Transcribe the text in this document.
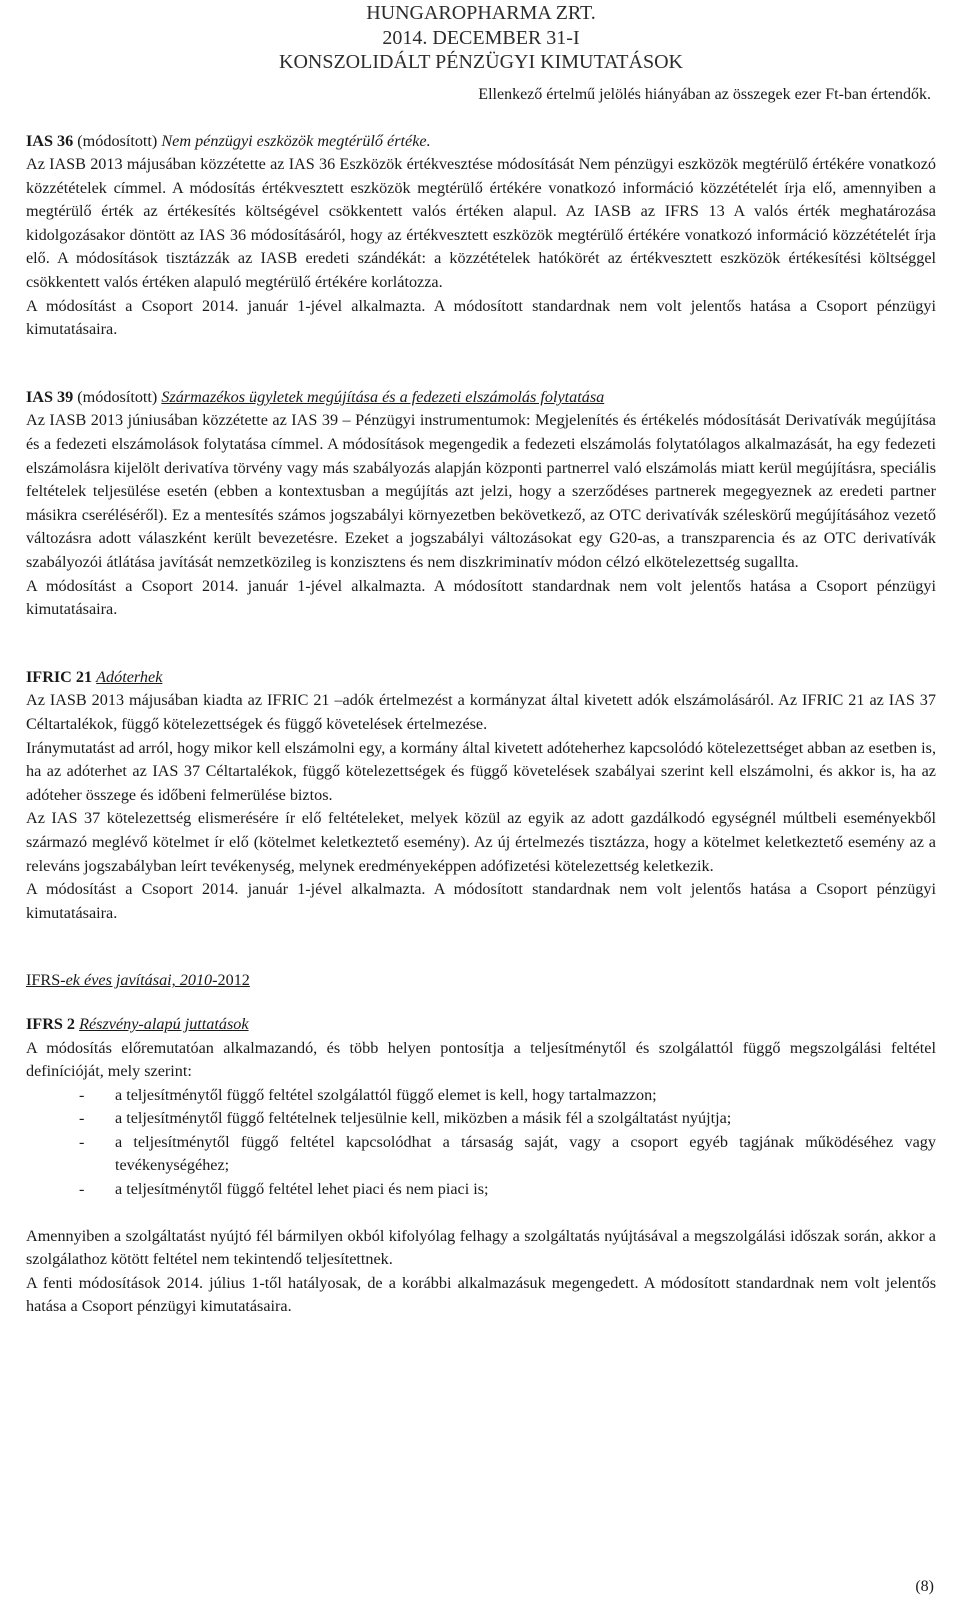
HUNGAROPHARMA ZRT.
2014. DECEMBER 31-I
KONSZOLIDÁLT PÉNZÜGYI KIMUTATÁSOK
Ellenkező értelmű jelölés hiányában az összegek ezer Ft-ban értendők.

IAS 36 (módosított) Nem pénzügyi eszközök megtérülő értéke.

Az IASB 2013 májusában közzétette az IAS 36 Eszközök értékvesztése módosítását Nem pénzügyi eszközök megtérülő értékére vonatkozó közzétételek címmel. A módosítás értékvesztett eszközök megtérülő értékére vonatkozó információ közzétételét írja elő, amennyiben a megtérülő érték az értékesítés költségével csökkentett valós értéken alapul. Az IASB az IFRS 13 A valós érték meghatározása kidolgozásakor döntött az IAS 36 módosításáról, hogy az értékvesztett eszközök megtérülő értékére vonatkozó információ közzétételét írja elő. A módosítások tisztázzák az IASB eredeti szándékát: a közzétételek hatókörét az értékvesztett eszközök értékesítési költséggel csökkentett valós értéken alapuló megtérülő értékére korlátozza.

A módosítást a Csoport 2014. január 1-jével alkalmazta. A módosított standardnak nem volt jelentős hatása a Csoport pénzügyi kimutatásaira.

IAS 39 (módosított) Származékos ügyletek megújítása és a fedezeti elszámolás folytatása

Az IASB 2013 júniusában közzétette az IAS 39 – Pénzügyi instrumentumok: Megjelenítés és értékelés módosítását Derivatívák megújítása és a fedezeti elszámolások folytatása címmel. A módosítások megengedik a fedezeti elszámolás folytatólagos alkalmazását, ha egy fedezeti elszámolásra kijelölt derivatíva törvény vagy más szabályozás alapján központi partnerrel való elszámolás miatt kerül megújításra, speciális feltételek teljesülése esetén (ebben a kontextusban a megújítás azt jelzi, hogy a szerződéses partnerek megegyeznek az eredeti partner másikra cseréléséről). Ez a mentesítés számos jogszabályi környezetben bekövetkező, az OTC derivatívák széleskörű megújításához vezető változásra adott válaszként került bevezetésre. Ezeket a jogszabályi változásokat egy G20-as, a transzparencia és az OTC derivatívák szabályozói átlátása javítását nemzetközileg is konzisztens és nem diszkriminatív módon célzó elkötelezettség sugallta.

A módosítást a Csoport 2014. január 1-jével alkalmazta. A módosított standardnak nem volt jelentős hatása a Csoport pénzügyi kimutatásaira.

IFRIC 21 Adóterhek

Az IASB 2013 májusában kiadta az IFRIC 21 –adók értelmezést a kormányzat által kivetett adók elszámolásáról. Az IFRIC 21 az IAS 37 Céltartalékok, függő kötelezettségek és függő követelések értelmezése.

Iránymutatást ad arról, hogy mikor kell elszámolni egy, a kormány által kivetett adóteherhez kapcsolódó kötelezettséget abban az esetben is, ha az adóterhet az IAS 37 Céltartalékok, függő kötelezettségek és függő követelések szabályai szerint kell elszámolni, és akkor is, ha az adóteher összege és időbeni felmerülése biztos.

Az IAS 37 kötelezettség elismerésére ír elő feltételeket, melyek közül az egyik az adott gazdálkodó egységnél múltbeli eseményekből származó meglévő kötelmet ír elő (kötelmet keletkeztető esemény). Az új értelmezés tisztázza, hogy a kötelmet keletkeztető esemény az a releváns jogszabályban leírt tevékenység, melynek eredményeképpen adófizetési kötelezettség keletkezik.

A módosítást a Csoport 2014. január 1-jével alkalmazta. A módosított standardnak nem volt jelentős hatása a Csoport pénzügyi kimutatásaira.

IFRS-ek éves javításai, 2010-2012

IFRS 2 Részvény-alapú juttatások

A módosítás előremutatóan alkalmazandó, és több helyen pontosítja a teljesítménytől és szolgálattól függő megszolgálási feltétel definícióját, mely szerint:

- a teljesítménytől függő feltétel szolgálattól függő elemet is kell, hogy tartalmazzon;
- a teljesítménytől függő feltételnek teljesülnie kell, miközben a másik fél a szolgáltatást nyújtja;
- a teljesítménytől függő feltétel kapcsolódhat a társaság saját, vagy a csoport egyéb tagjának működéséhez vagy tevékenységéhez;
- a teljesítménytől függő feltétel lehet piaci és nem piaci is;

Amennyiben a szolgáltatást nyújtó fél bármilyen okból kifolyólag felhagy a szolgáltatás nyújtásával a megszolgálási időszak során, akkor a szolgálathoz kötött feltétel nem tekintendő teljesítettnek.

A fenti módosítások 2014. július 1-től hatályosak, de a korábbi alkalmazásuk megengedett. A módosított standardnak nem volt jelentős hatása a Csoport pénzügyi kimutatásaira.

(8)
